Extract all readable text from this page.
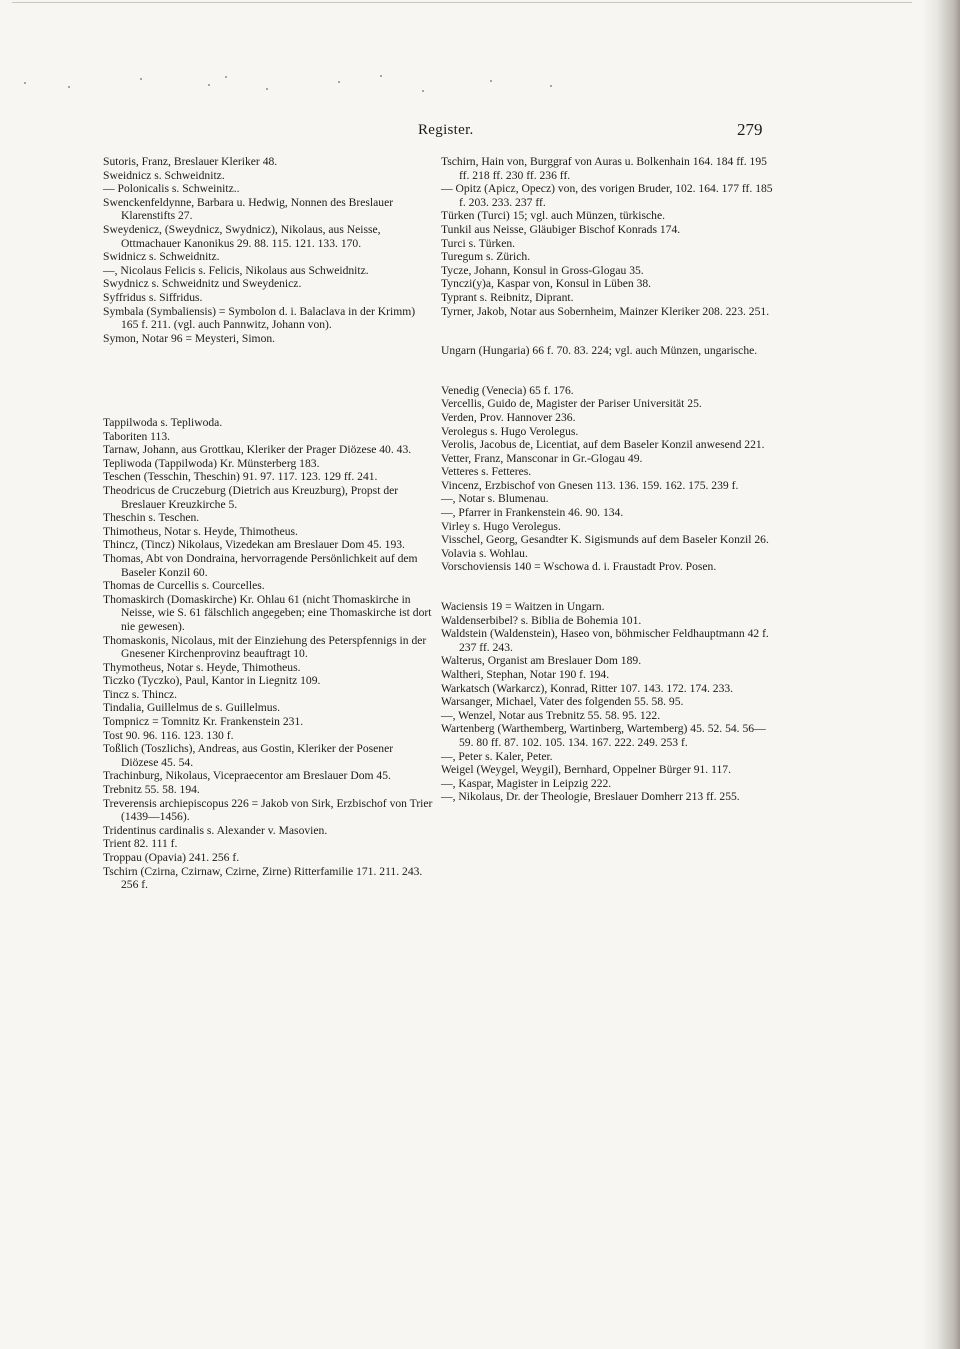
Register.	279

Sutoris, Franz, Breslauer Kleriker 48.

Sweidnicz s. Schweidnitz.

— Polonicalis s. Schweinitz..

Swenckenfeldynne, Barbara u. Hedwig, Nonnen des Breslauer Klarenstifts 27.

Sweydenicz, (Sweydnicz, Swydnicz), Nikolaus, aus Neisse, Ottmachauer Kanonikus 29. 88. 115. 121. 133. 170.

Swidnicz s. Schweidnitz.

—, Nicolaus Felicis s. Felicis, Nikolaus aus Schweidnitz.

Swydnicz s. Schweidnitz und Sweydenicz.

Syffridus s. Siffridus.

Symbala (Symbaliensis) = Symbolon d. i. Balaclava in der Krimm) 165 f. 211. (vgl. auch Pannwitz, Johann von).

Symon, Notar 96 = Meysteri, Simon.

Tappilwoda s. Tepliwoda.

Taboriten 113.

Tarnaw, Johann, aus Grottkau, Kleriker der Prager Diözese 40. 43.

Tepliwoda (Tappilwoda) Kr. Münsterberg 183.

Teschen (Tesschin, Theschin) 91. 97. 117. 123. 129 ff. 241.

Theodricus de Cruczeburg (Dietrich aus Kreuzburg), Propst der Breslauer Kreuzkirche 5.

Theschin s. Teschen.

Thimotheus, Notar s. Heyde, Thimotheus.

Thincz, (Tincz) Nikolaus, Vizedekan am Breslauer Dom 45. 193.

Thomas, Abt von Dondraina, hervorragende Persönlichkeit auf dem Baseler Konzil 60.

Thomas de Curcellis s. Courcelles.

Thomaskirch (Domaskirche) Kr. Ohlau 61 (nicht Thomaskirche in Neisse, wie S. 61 fälschlich angegeben; eine Thomaskirche ist dort nie gewesen).

Thomaskonis, Nicolaus, mit der Einziehung des Peterspfennigs in der Gnesener Kirchenprovinz beauftragt 10.

Thymotheus, Notar s. Heyde, Thimotheus.

Ticzko (Tyczko), Paul, Kantor in Liegnitz 109.

Tincz s. Thincz.

Tindalia, Guillelmus de s. Guillelmus.

Tompnicz = Tomnitz Kr. Frankenstein 231.

Tost 90. 96. 116. 123. 130 f.

Toßlich (Toszlichs), Andreas, aus Gostin, Kleriker der Posener Diözese 45. 54.

Trachinburg, Nikolaus, Vicepraecentor am Breslauer Dom 45.

Trebnitz 55. 58. 194.

Treverensis archiepiscopus 226 = Jakob von Sirk, Erzbischof von Trier (1439—1456).

Tridentinus cardinalis s. Alexander v. Masovien.

Trient 82. 111 f.

Troppau (Opavia) 241. 256 f.

Tschirn (Czirna, Czirnaw, Czirne, Zirne) Ritterfamilie 171. 211. 243. 256 f.

Tschirn, Hain von, Burggraf von Auras u. Bolkenhain 164. 184 ff. 195 ff. 218 ff. 230 ff. 236 ff.

— Opitz (Apicz, Opecz) von, des vorigen Bruder, 102. 164. 177 ff. 185 f. 203. 233. 237 ff.

Türken (Turci) 15; vgl. auch Münzen, türkische.

Tunkil aus Neisse, Gläubiger Bischof Konrads 174.

Turci s. Türken.

Turegum s. Zürich.

Tycze, Johann, Konsul in Gross-Glogau 35.

Tynczi(y)a, Kaspar von, Konsul in Lüben 38.

Typrant s. Reibnitz, Diprant.

Tyrner, Jakob, Notar aus Sobernheim, Mainzer Kleriker 208. 223. 251.

Ungarn (Hungaria) 66 f. 70. 83. 224; vgl. auch Münzen, ungarische.

Venedig (Venecia) 65 f. 176.

Vercellis, Guido de, Magister der Pariser Universität 25.

Verden, Prov. Hannover 236.

Verolegus s. Hugo Verolegus.

Verolis, Jacobus de, Licentiat, auf dem Baseler Konzil anwesend 221.

Vetter, Franz, Mansconar in Gr.-Glogau 49.

Vetteres s. Fetteres.

Vincenz, Erzbischof von Gnesen 113. 136. 159. 162. 175. 239 f.

—, Notar s. Blumenau.

—, Pfarrer in Frankenstein 46. 90. 134.

Virley s. Hugo Verolegus.

Visschel, Georg, Gesandter K. Sigismunds auf dem Baseler Konzil 26.

Volavia s. Wohlau.

Vorschoviensis 140 = Wschowa d. i. Fraustadt Prov. Posen.

Waciensis 19 = Waitzen in Ungarn.

Waldenserbibel? s. Biblia de Bohemia 101.

Waldstein (Waldenstein), Haseo von, böhmischer Feldhauptmann 42 f. 237 ff. 243.

Walterus, Organist am Breslauer Dom 189.

Waltheri, Stephan, Notar 190 f. 194.

Warkatsch (Warkarcz), Konrad, Ritter 107. 143. 172. 174. 233.

Warsanger, Michael, Vater des folgenden 55. 58. 95.

—, Wenzel, Notar aus Trebnitz 55. 58. 95. 122.

Wartenberg (Warthemberg, Wartinberg, Wartemberg) 45. 52. 54. 56—59. 80 ff. 87. 102. 105. 134. 167. 222. 249. 253 f.

—, Peter s. Kaler, Peter.

Weigel (Weygel, Weygil), Bernhard, Oppelner Bürger 91. 117.

—, Kaspar, Magister in Leipzig 222.

—, Nikolaus, Dr. der Theologie, Breslauer Domherr 213 ff. 255.
